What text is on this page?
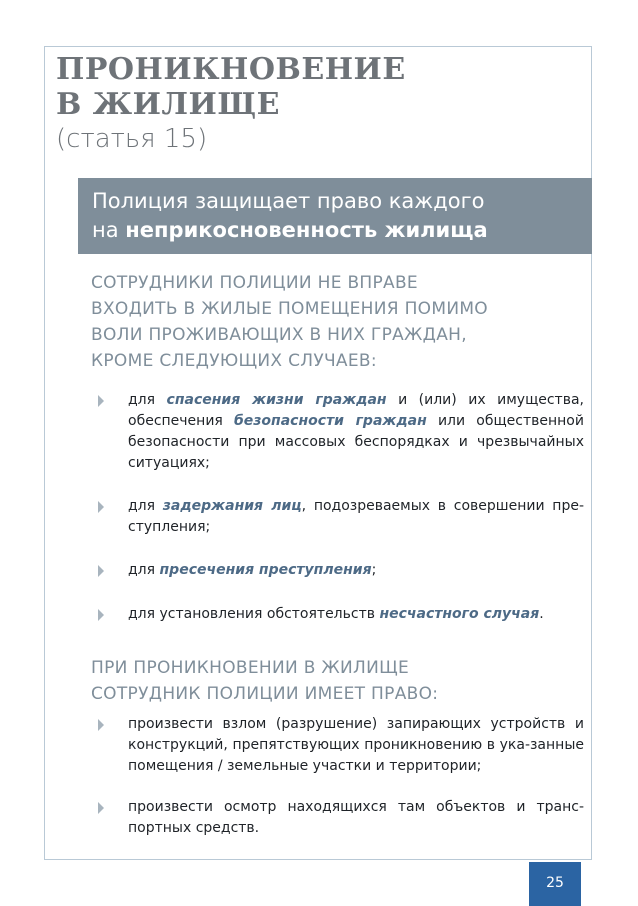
ПРОНИКНОВЕНИЕ
В ЖИЛИЩЕ
(статья 15)
Полиция защищает право каждого
на неприкосновенность жилища
СОТРУДНИКИ ПОЛИЦИИ НЕ ВПРАВЕ
ВХОДИТЬ В ЖИЛЫЕ ПОМЕЩЕНИЯ ПОМИМО
ВОЛИ ПРОЖИВАЮЩИХ В НИХ ГРАЖДАН,
КРОМЕ СЛЕДУЮЩИХ СЛУЧАЕВ:
для спасения жизни граждан и (или) их имущества, обеспечения безопасности граждан или общественной безопасности при массовых беспорядках и чрезвычайных ситуациях;
для задержания лиц, подозреваемых в совершении пре-ступления;
для пресечения преступления;
для установления обстоятельств несчастного случая.
ПРИ ПРОНИКНОВЕНИИ В ЖИЛИЩЕ
СОТРУДНИК ПОЛИЦИИ ИМЕЕТ ПРАВО:
произвести взлом (разрушение) запирающих устройств и конструкций, препятствующих проникновению в ука-занные помещения / земельные участки и территории;
произвести осмотр находящихся там объектов и транс-портных средств.
25
